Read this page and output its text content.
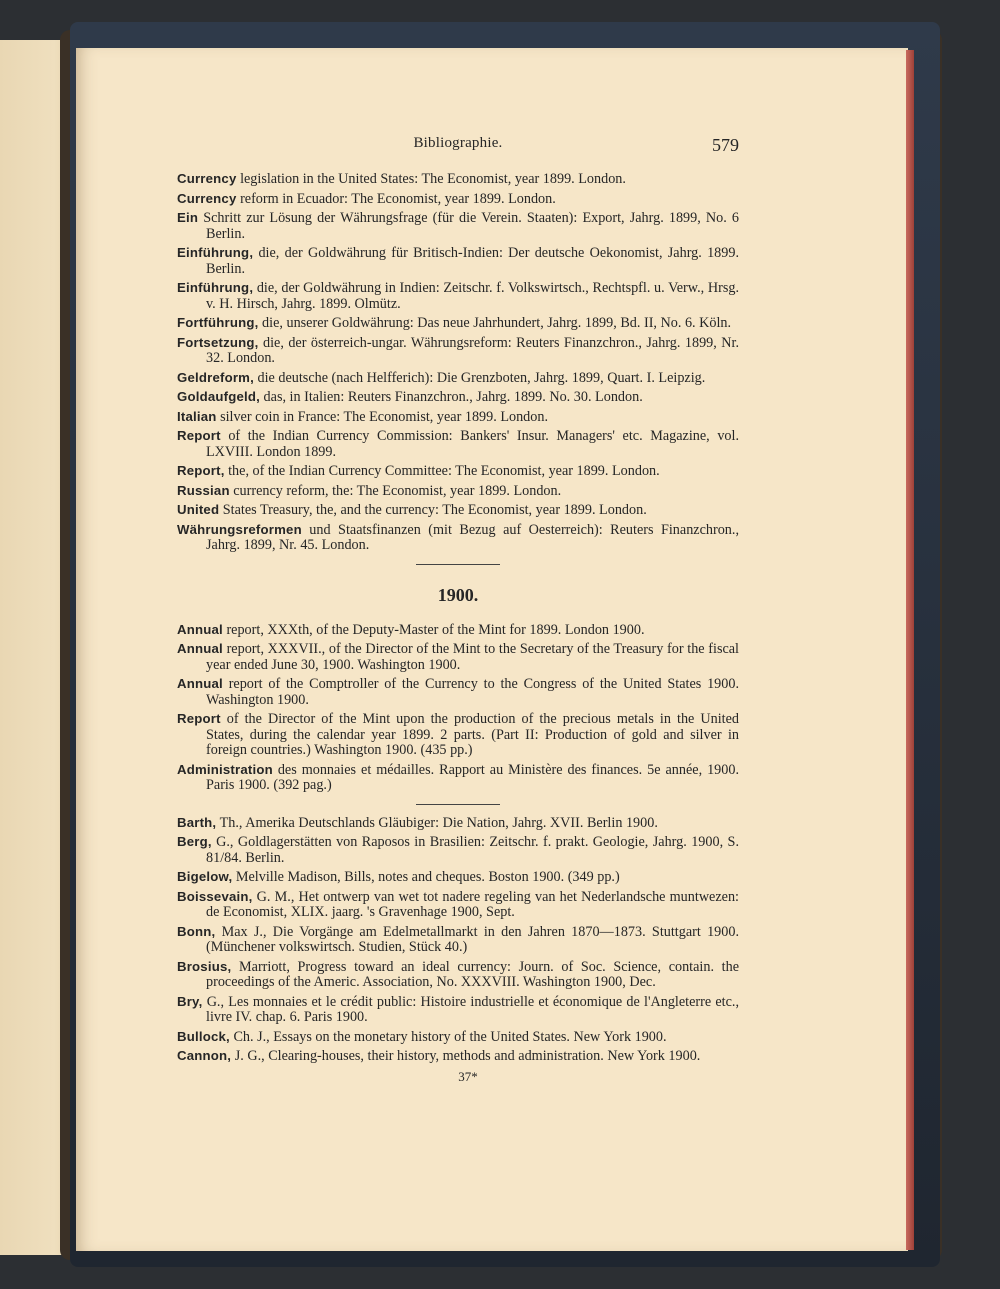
Bibliographie.	579

Currency legislation in the United States: The Economist, year 1899. London.

Currency reform in Ecuador: The Economist, year 1899. London.

Ein Schritt zur Lösung der Währungsfrage (für die Verein. Staaten): Export, Jahrg. 1899, No. 6 Berlin.

Einführung, die, der Goldwährung für Britisch-Indien: Der deutsche Oekonomist, Jahrg. 1899. Berlin.

Einführung, die, der Goldwährung in Indien: Zeitschr. f. Volkswirtsch., Rechtspfl. u. Verw., Hrsg. v. H. Hirsch, Jahrg. 1899. Olmütz.

Fortführung, die, unserer Goldwährung: Das neue Jahrhundert, Jahrg. 1899, Bd. II, No. 6. Köln.

Fortsetzung, die, der österreich-ungar. Währungsreform: Reuters Finanzchron., Jahrg. 1899, Nr. 32. London.

Geldreform, die deutsche (nach Helfferich): Die Grenzboten, Jahrg. 1899, Quart. I. Leipzig.

Goldaufgeld, das, in Italien: Reuters Finanzchron., Jahrg. 1899. No. 30. London.

Italian silver coin in France: The Economist, year 1899. London.

Report of the Indian Currency Commission: Bankers' Insur. Managers' etc. Magazine, vol. LXVIII. London 1899.

Report, the, of the Indian Currency Committee: The Economist, year 1899. London.

Russian currency reform, the: The Economist, year 1899. London.

United States Treasury, the, and the currency: The Economist, year 1899. London.

Währungsreformen und Staatsfinanzen (mit Bezug auf Oesterreich): Reuters Finanzchron., Jahrg. 1899, Nr. 45. London.

1900.

Annual report, XXXth, of the Deputy-Master of the Mint for 1899. London 1900.

Annual report, XXXVII., of the Director of the Mint to the Secretary of the Treasury for the fiscal year ended June 30, 1900. Washington 1900.

Annual report of the Comptroller of the Currency to the Congress of the United States 1900. Washington 1900.

Report of the Director of the Mint upon the production of the precious metals in the United States, during the calendar year 1899. 2 parts. (Part II: Production of gold and silver in foreign countries.) Washington 1900. (435 pp.)

Administration des monnaies et médailles. Rapport au Ministère des finances. 5e année, 1900. Paris 1900. (392 pag.)

Barth, Th., Amerika Deutschlands Gläubiger: Die Nation, Jahrg. XVII. Berlin 1900.

Berg, G., Goldlagerstätten von Raposos in Brasilien: Zeitschr. f. prakt. Geologie, Jahrg. 1900, S. 81/84. Berlin.

Bigelow, Melville Madison, Bills, notes and cheques. Boston 1900. (349 pp.)

Boissevain, G. M., Het ontwerp van wet tot nadere regeling van het Nederlandsche muntwezen: de Economist, XLIX. jaarg. 's Gravenhage 1900, Sept.

Bonn, Max J., Die Vorgänge am Edelmetallmarkt in den Jahren 1870—1873. Stuttgart 1900. (Münchener volkswirtsch. Studien, Stück 40.)

Brosius, Marriott, Progress toward an ideal currency: Journ. of Soc. Science, contain. the proceedings of the Americ. Association, No. XXXVIII. Washington 1900, Dec.

Bry, G., Les monnaies et le crédit public: Histoire industrielle et économique de l'Angleterre etc., livre IV. chap. 6. Paris 1900.

Bullock, Ch. J., Essays on the monetary history of the United States. New York 1900.

Cannon, J. G., Clearing-houses, their history, methods and administration. New York 1900.

37*
